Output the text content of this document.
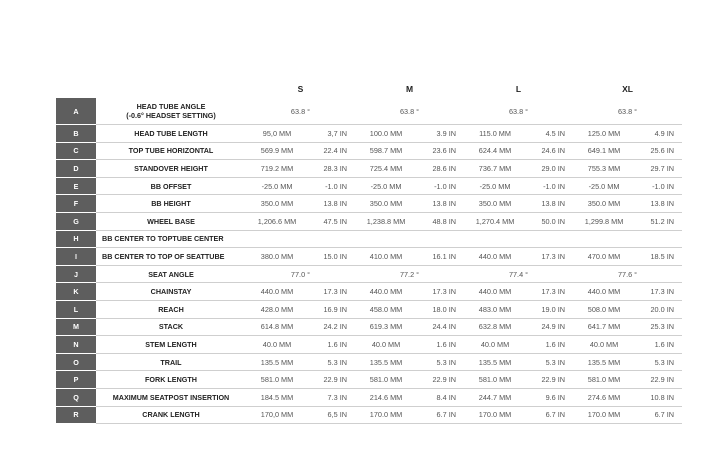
		S		M		L		XL	
A	HEAD TUBE ANGLE
(-0.6° HEADSET SETTING)	63.8 °		63.8 °		63.8 °		63.8 °	
B	HEAD TUBE LENGTH	95,0 MM	3,7 IN	100.0 MM	3.9 IN	115.0 MM	4.5 IN	125.0 MM	4.9 IN
C	TOP TUBE HORIZONTAL	569.9 MM	22.4 IN	598.7 MM	23.6 IN	624.4 MM	24.6 IN	649.1 MM	25.6 IN
D	STANDOVER HEIGHT	719.2 MM	28.3 IN	725.4 MM	28.6 IN	736.7 MM	29.0 IN	755.3 MM	29.7 IN
E	BB OFFSET	-25.0 MM	-1.0 IN	-25.0 MM	-1.0 IN	-25.0 MM	-1.0 IN	-25.0 MM	-1.0 IN
F	BB HEIGHT	350.0 MM	13.8 IN	350.0 MM	13.8 IN	350.0 MM	13.8 IN	350.0 MM	13.8 IN
G	WHEEL BASE	1,206.6 MM	47.5 IN	1,238.8 MM	48.8 IN	1,270.4 MM	50.0 IN	1,299.8 MM	51.2 IN
H	BB CENTER TO TOPTUBE CENTER								

I	BB CENTER TO TOP OF SEATTUBE	380.0 MM	15.0 IN	410.0 MM	16.1 IN	440.0 MM	17.3 IN	470.0 MM	18.5 IN
J	SEAT ANGLE	77.0 °		77.2 °		77.4 °		77.6 °	
K	CHAINSTAY	440.0 MM	17.3 IN	440.0 MM	17.3 IN	440.0 MM	17.3 IN	440.0 MM	17.3 IN
L	REACH	428.0 MM	16.9 IN	458.0 MM	18.0 IN	483.0 MM	19.0 IN	508.0 MM	20.0 IN
M	STACK	614.8 MM	24.2 IN	619.3 MM	24.4 IN	632.8 MM	24.9 IN	641.7 MM	25.3 IN
N	STEM LENGTH	40.0 MM	1.6 IN	40.0 MM	1.6 IN	40.0 MM	1.6 IN	40.0 MM	1.6 IN
O	TRAIL	135.5 MM	5.3 IN	135.5 MM	5.3 IN	135.5 MM	5.3 IN	135.5 MM	5.3 IN
P	FORK LENGTH	581.0 MM	22.9 IN	581.0 MM	22.9 IN	581.0 MM	22.9 IN	581.0 MM	22.9 IN
Q	MAXIMUM SEATPOST INSERTION	184.5 MM	7.3 IN	214.6 MM	8.4 IN	244.7 MM	9.6 IN	274.6 MM	10.8 IN
R	CRANK LENGTH	170,0 MM	6,5 IN	170.0 MM	6.7 IN	170.0 MM	6.7 IN	170.0 MM	6.7 IN
